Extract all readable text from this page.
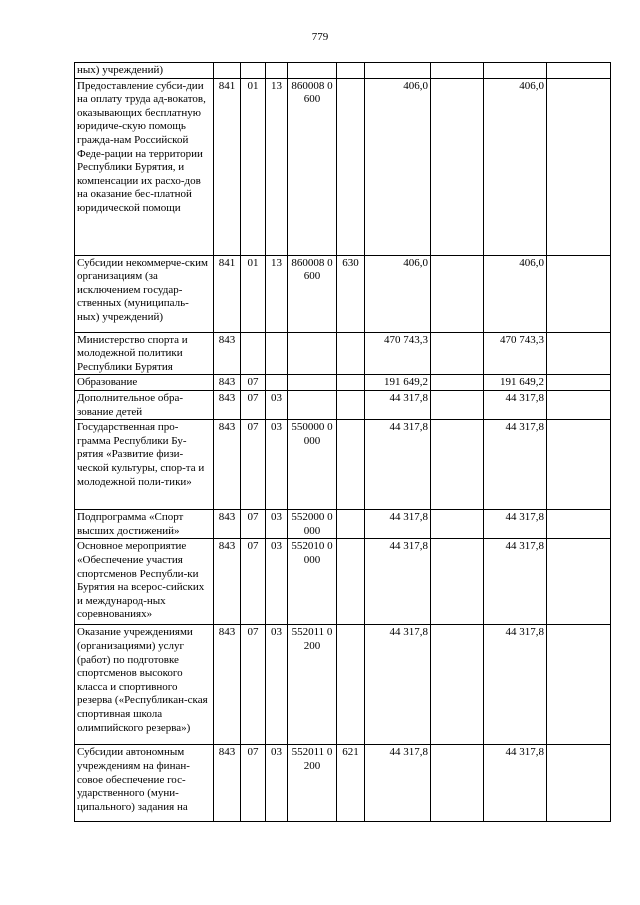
779
ных) учреждений)									
Предоставление субси-дии на оплату труда ад-вокатов, оказывающих бесплатную юридиче-скую помощь гражда-нам Российской Феде-рации на территории Республики Бурятия, и компенсации их расхо-дов на оказание бес-платной юридической помощи	841	01	13	860008 0600		406,0		406,0	
Субсидии некоммерче-ским организациям (за исключением государ-ственных (муниципаль-ных) учреждений)	841	01	13	860008 0600	630	406,0		406,0	
Министерство спорта и молодежной политики Республики Бурятия	843					470 743,3		470 743,3	
Образование	843	07				191 649,2		191 649,2	
Дополнительное обра-зование детей	843	07	03			44 317,8		44 317,8	
Государственная про-грамма Республики Бу-рятия «Развитие физи-ческой культуры, спор-та и молодежной поли-тики»	843	07	03	550000 0000		44 317,8		44 317,8	
Подпрограмма «Спорт высших достижений»	843	07	03	552000 0000		44 317,8		44 317,8	
Основное мероприятие «Обеспечение участия спортсменов Республи-ки Бурятия на всерос-сийских и международ-ных соревнованиях»	843	07	03	552010 0000		44 317,8		44 317,8	
Оказание учреждениями (организациями) услуг (работ) по подготовке спортсменов высокого класса и спортивного резерва («Республикан-ская спортивная школа олимпийского резерва»)	843	07	03	552011 0200		44 317,8		44 317,8	
Субсидии автономным учреждениям на финан-совое обеспечение гос-ударственного (муни-ципального) задания на	843	07	03	552011 0200	621	44 317,8		44 317,8	
